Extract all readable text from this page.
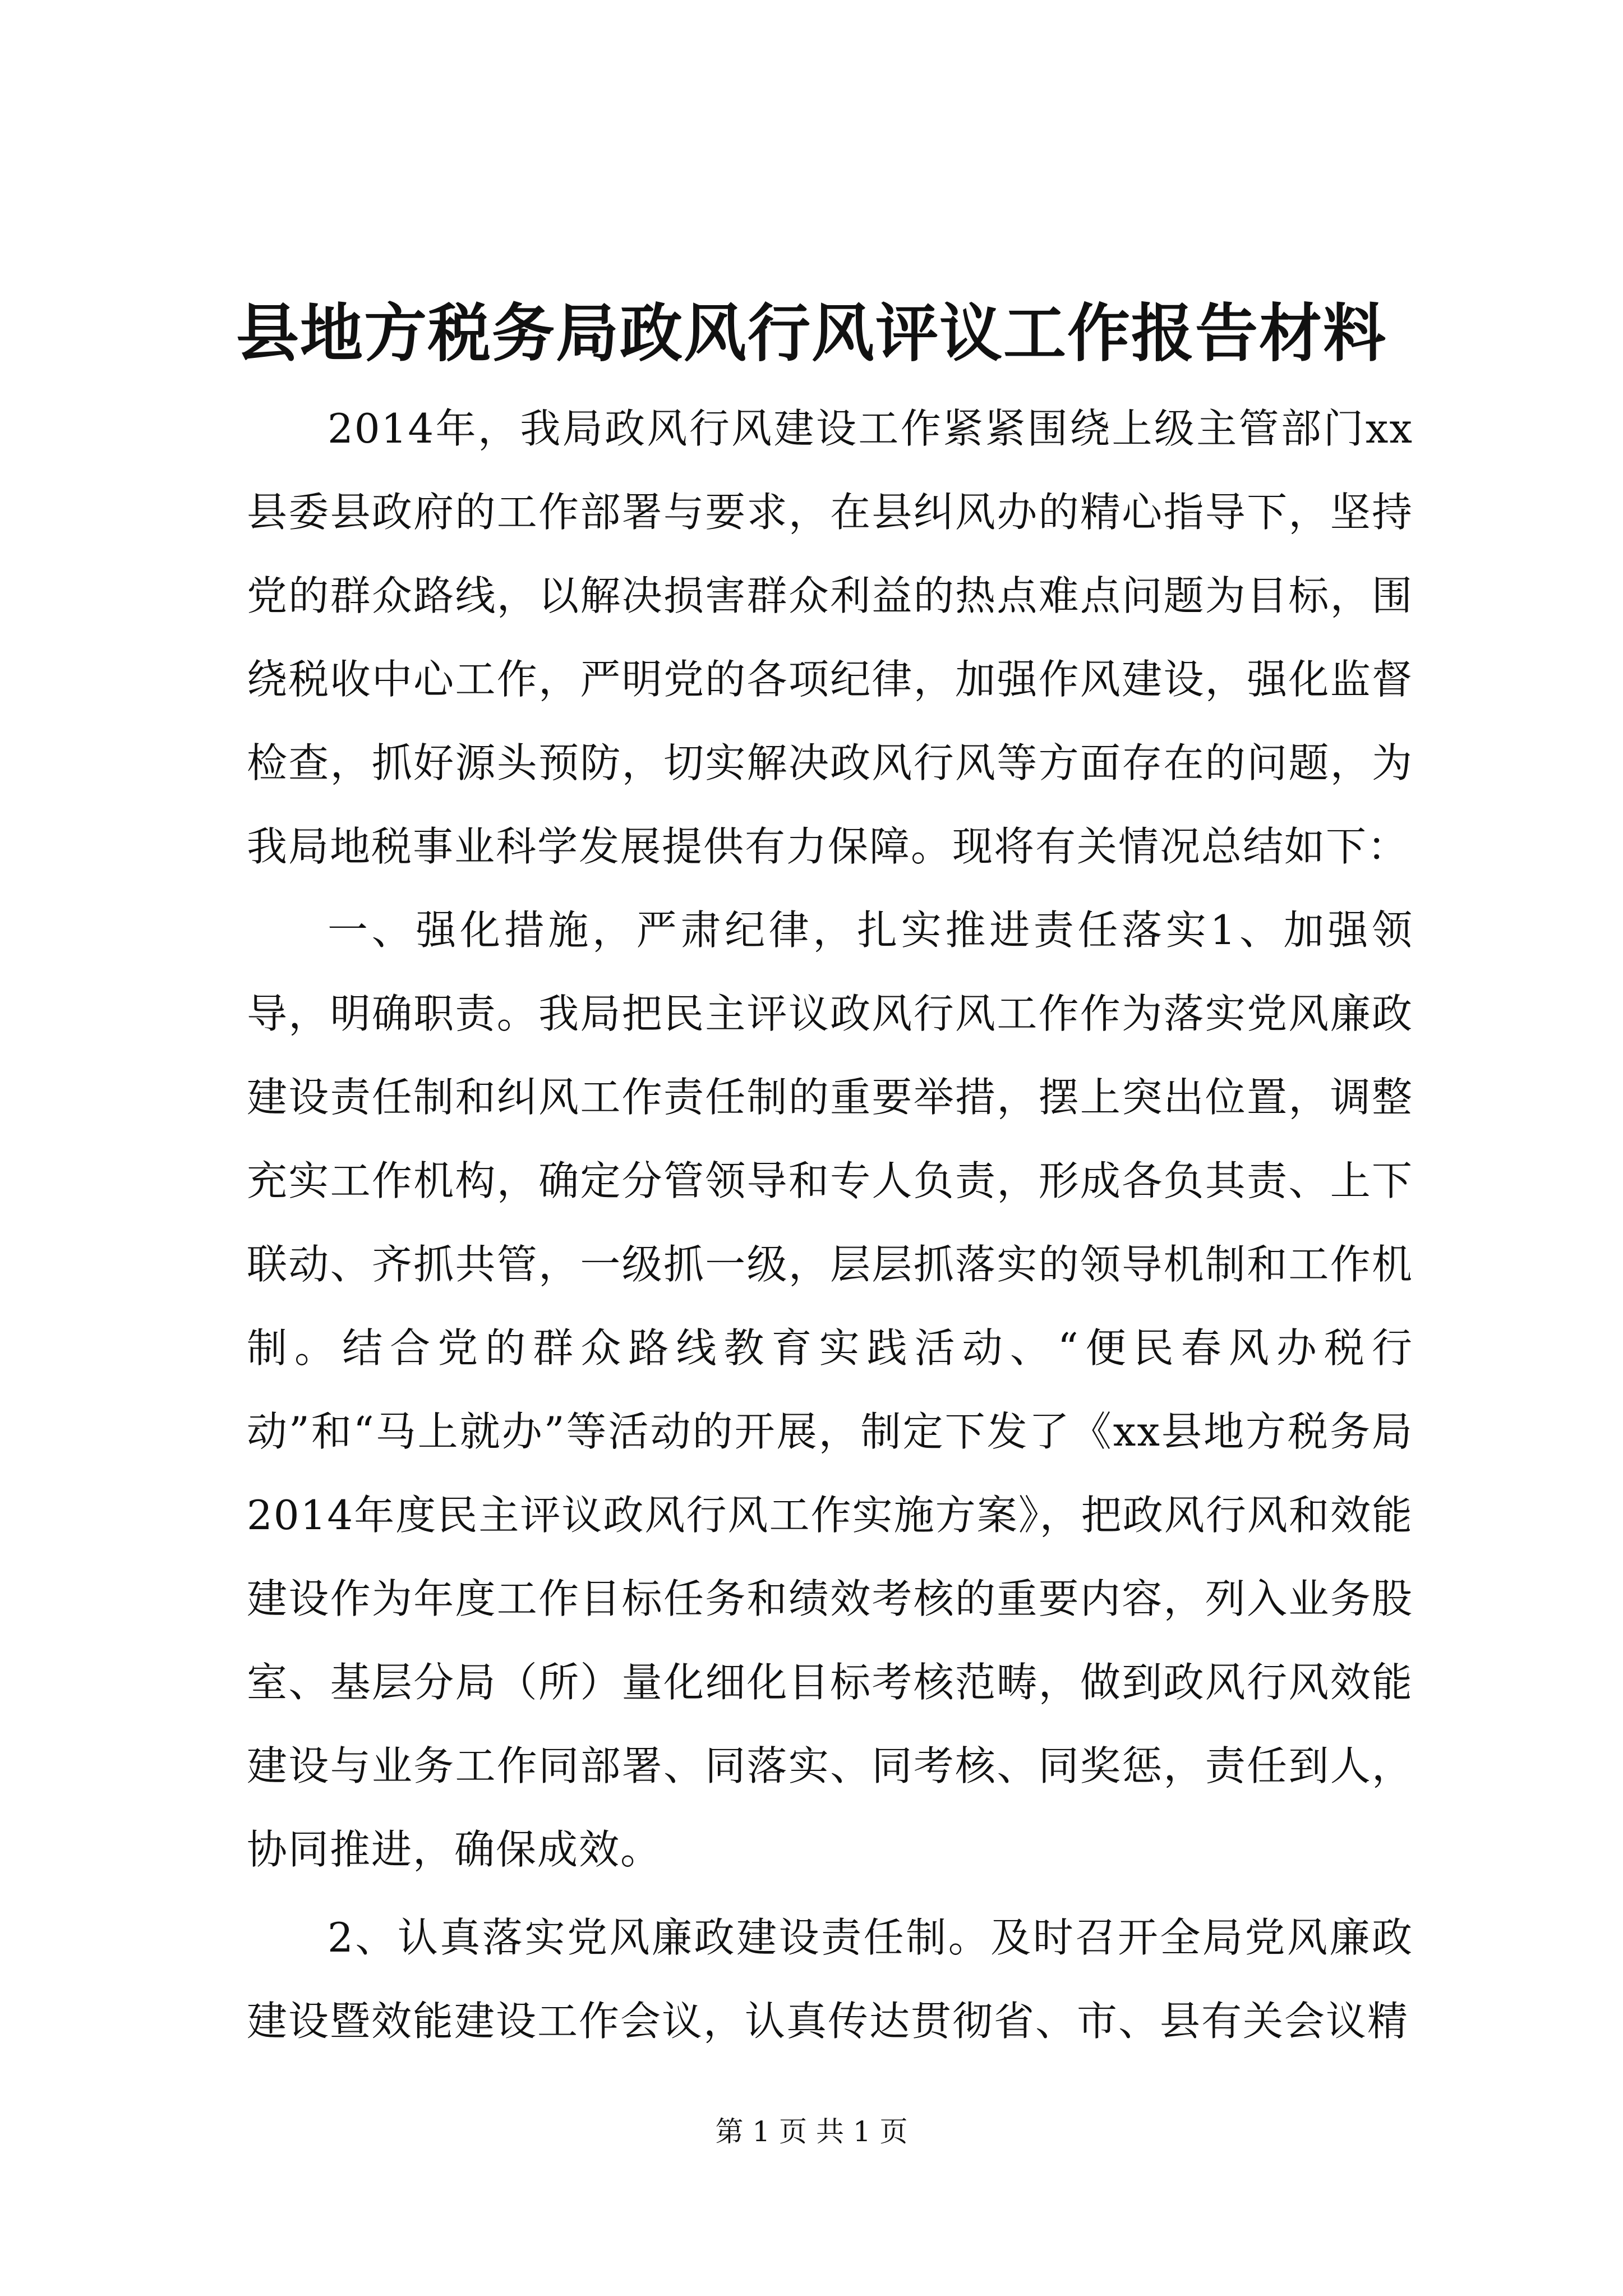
县地方税务局政风行风评议工作报告材料

2014年，我局政风行风建设工作紧紧围绕上级主管部门xx县委县政府的工作部署与要求，在县纠风办的精心指导下，坚持党的群众路线，以解决损害群众利益的热点难点问题为目标，围绕税收中心工作，严明党的各项纪律，加强作风建设，强化监督检查，抓好源头预防，切实解决政风行风等方面存在的问题，为我局地税事业科学发展提供有力保障。现将有关情况总结如下：

一、强化措施，严肃纪律，扎实推进责任落实1、加强领导，明确职责。我局把民主评议政风行风工作作为落实党风廉政建设责任制和纠风工作责任制的重要举措，摆上突出位置，调整充实工作机构，确定分管领导和专人负责，形成各负其责、上下联动、齐抓共管，一级抓一级，层层抓落实的领导机制和工作机制。结合党的群众路线教育实践活动、“便民春风办税行动”和“马上就办”等活动的开展，制定下发了《xx县地方税务局2014年度民主评议政风行风工作实施方案》，把政风行风和效能建设作为年度工作目标任务和绩效考核的重要内容，列入业务股室、基层分局（所）量化细化目标考核范畴，做到政风行风效能建设与业务工作同部署、同落实、同考核、同奖惩，责任到人，协同推进，确保成效。

2、认真落实党风廉政建设责任制。及时召开全局党风廉政建设暨效能建设工作会议，认真传达贯彻省、市、县有关会议精

第 1 页 共 1 页
